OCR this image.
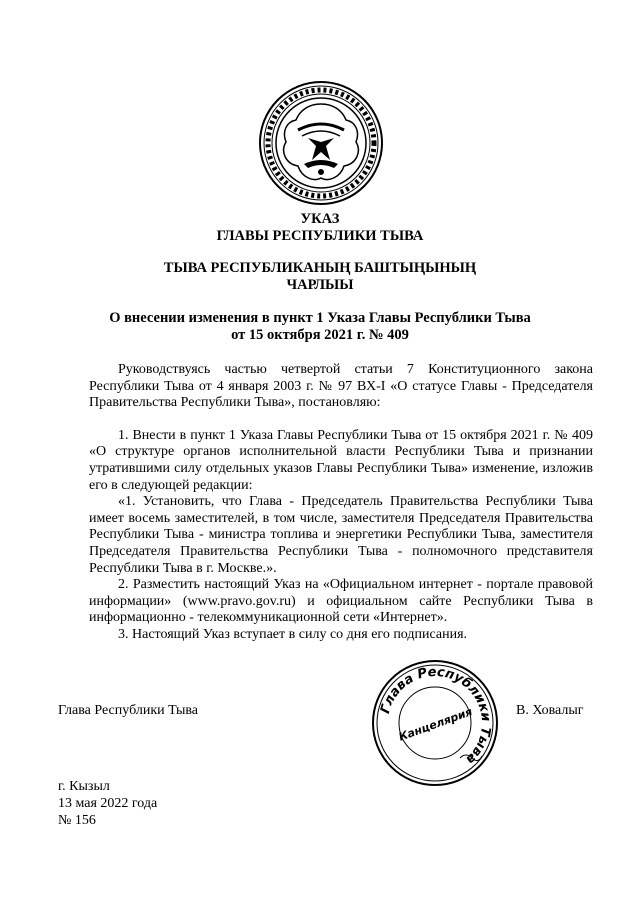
УКАЗ
ГЛАВЫ РЕСПУБЛИКИ ТЫВА
ТЫВА РЕСПУБЛИКАНЫҢ БАШТЫҢЫНЫҢ
ЧАРЛЫЫ
О внесении изменения в пункт 1 Указа Главы Республики Тыва
от 15 октября 2021 г. № 409

Руководствуясь частью четвертой статьи 7 Конституционного закона Республики Тыва от 4 января 2003 г. № 97 ВХ-I «О статусе Главы - Председателя Правительства Республики Тыва», постановляю:

1. Внести в пункт 1 Указа Главы Республики Тыва от 15 октября 2021 г. № 409 «О структуре органов исполнительной власти Республики Тыва и признании утратившими силу отдельных указов Главы Республики Тыва» изменение, изложив его в следующей редакции:

«1. Установить, что Глава - Председатель Правительства Республики Тыва имеет восемь заместителей, в том числе, заместителя Председателя Правительства Республики Тыва - министра топлива и энергетики Республики Тыва, заместителя Председателя Правительства Республики Тыва - полномочного представителя Республики Тыва в г. Москве.».

2. Разместить настоящий Указ на «Официальном интернет - портале правовой информации» (www.pravo.gov.ru) и официальном сайте Республики Тыва в информационно - телекоммуникационной сети «Интернет».

3. Настоящий Указ вступает в силу со дня его подписания.

Глава Республики Тыва	В. Ховалыг
Глава Республики Тыва
Канцелярия
г. Кызыл
13 мая 2022 года
№ 156
